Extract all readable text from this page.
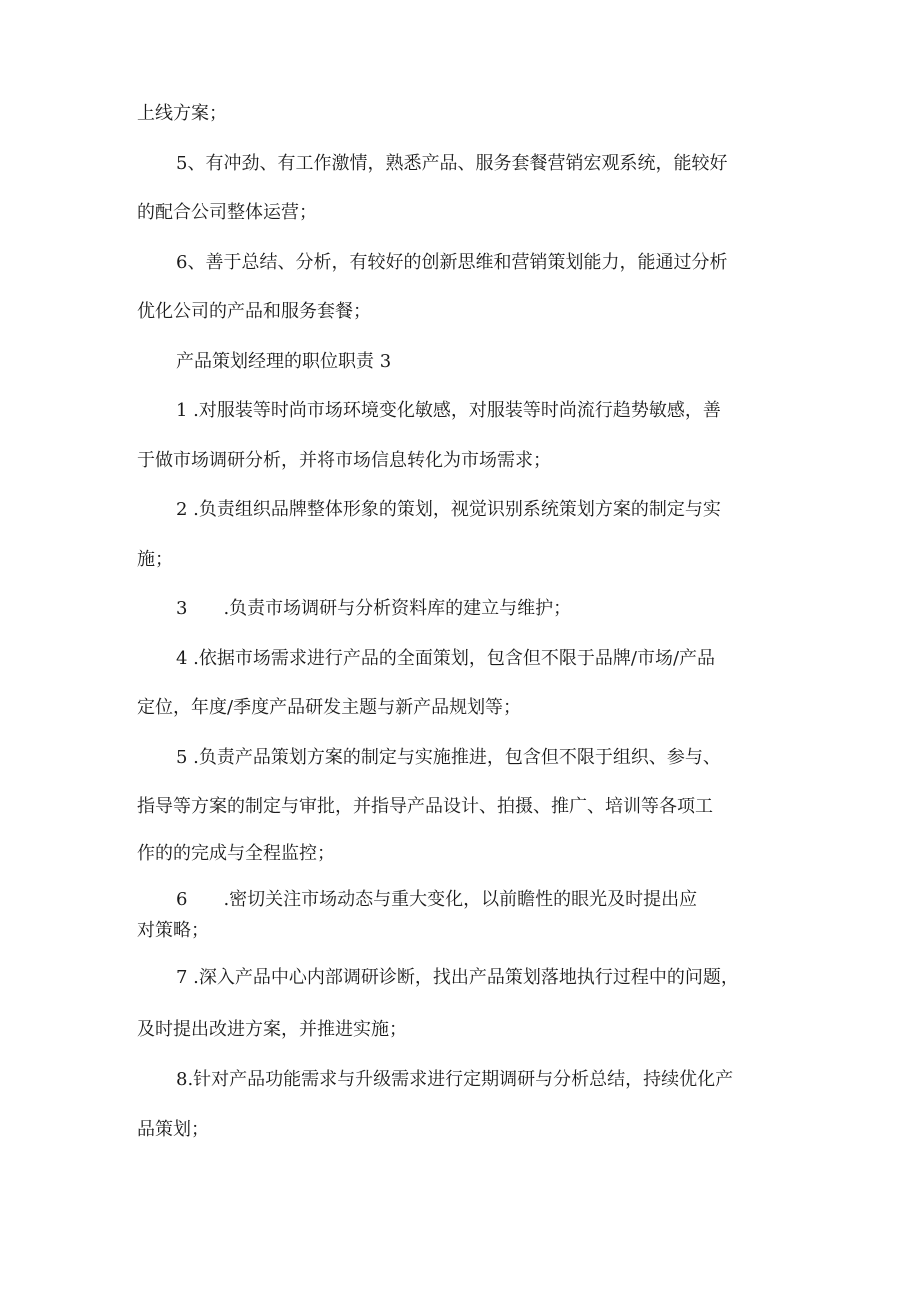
上线方案；
5、有冲劲、有工作激情，熟悉产品、服务套餐营销宏观系统，能较好
的配合公司整体运营；
6、善于总结、分析，有较好的创新思维和营销策划能力，能通过分析
优化公司的产品和服务套餐；
产品策划经理的职位职责 3
1 .对服装等时尚市场环境变化敏感，对服装等时尚流行趋势敏感，善
于做市场调研分析，并将市场信息转化为市场需求；
2 .负责组织品牌整体形象的策划，视觉识别系统策划方案的制定与实
施；
3　　.负责市场调研与分析资料库的建立与维护；
4 .依据市场需求进行产品的全面策划，包含但不限于品牌/市场/产品
定位，年度/季度产品研发主题与新产品规划等；
5 .负责产品策划方案的制定与实施推进，包含但不限于组织、参与、
指导等方案的制定与审批，并指导产品设计、拍摄、推广、培训等各项工
作的的完成与全程监控；
6　　.密切关注市场动态与重大变化，以前瞻性的眼光及时提出应
对策略；
7 .深入产品中心内部调研诊断，找出产品策划落地执行过程中的问题，
及时提出改进方案，并推进实施；
8.针对产品功能需求与升级需求进行定期调研与分析总结，持续优化产
品策划；
